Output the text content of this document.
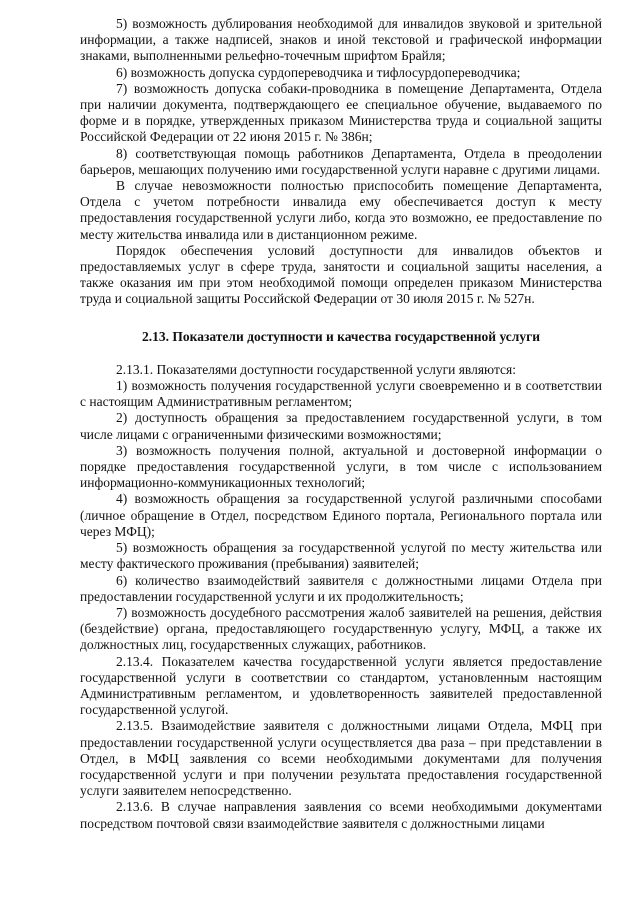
5) возможность дублирования необходимой для инвалидов звуковой и зрительной информации, а также надписей, знаков и иной текстовой и графической информации знаками, выполненными рельефно-точечным шрифтом Брайля;

6) возможность допуска сурдопереводчика и тифлосурдопереводчика;

7) возможность допуска собаки-проводника в помещение Департамента, Отдела при наличии документа, подтверждающего ее специальное обучение, выдаваемого по форме и в порядке, утвержденных приказом Министерства труда и социальной защиты Российской Федерации от 22 июня 2015 г. № 386н;

8) соответствующая помощь работников Департамента, Отдела в преодолении барьеров, мешающих получению ими государственной услуги наравне с другими лицами.

В случае невозможности полностью приспособить помещение Департамента, Отдела с учетом потребности инвалида ему обеспечивается доступ к месту предоставления государственной услуги либо, когда это возможно, ее предоставление по месту жительства инвалида или в дистанционном режиме.

Порядок обеспечения условий доступности для инвалидов объектов и предоставляемых услуг в сфере труда, занятости и социальной защиты населения, а также оказания им при этом необходимой помощи определен приказом Министерства труда и социальной защиты Российской Федерации от 30 июля 2015 г. № 527н.

2.13. Показатели доступности и качества государственной услуги

2.13.1. Показателями доступности государственной услуги являются:

1) возможность получения государственной услуги своевременно и в соответствии с настоящим Административным регламентом;

2) доступность обращения за предоставлением государственной услуги, в том числе лицами с ограниченными физическими возможностями;

3) возможность получения полной, актуальной и достоверной информации о порядке предоставления государственной услуги, в том числе с использованием информационно-коммуникационных технологий;

4) возможность обращения за государственной услугой различными способами (личное обращение в Отдел, посредством Единого портала, Регионального портала или через МФЦ);

5) возможность обращения за государственной услугой по месту жительства или месту фактического проживания (пребывания) заявителей;

6) количество взаимодействий заявителя с должностными лицами Отдела при предоставлении государственной услуги и их продолжительность;

7) возможность досудебного рассмотрения жалоб заявителей на решения, действия (бездействие) органа, предоставляющего государственную услугу, МФЦ, а также их должностных лиц, государственных служащих, работников.

2.13.4. Показателем качества государственной услуги является предоставление государственной услуги в соответствии со стандартом, установленным настоящим Административным регламентом, и удовлетворенность заявителей предоставленной государственной услугой.

2.13.5. Взаимодействие заявителя с должностными лицами Отдела, МФЦ при предоставлении государственной услуги осуществляется два раза – при представлении в Отдел, в МФЦ заявления со всеми необходимыми документами для получения государственной услуги и при получении результата предоставления государственной услуги заявителем непосредственно.

2.13.6. В случае направления заявления со всеми необходимыми документами посредством почтовой связи взаимодействие заявителя с должностными лицами
